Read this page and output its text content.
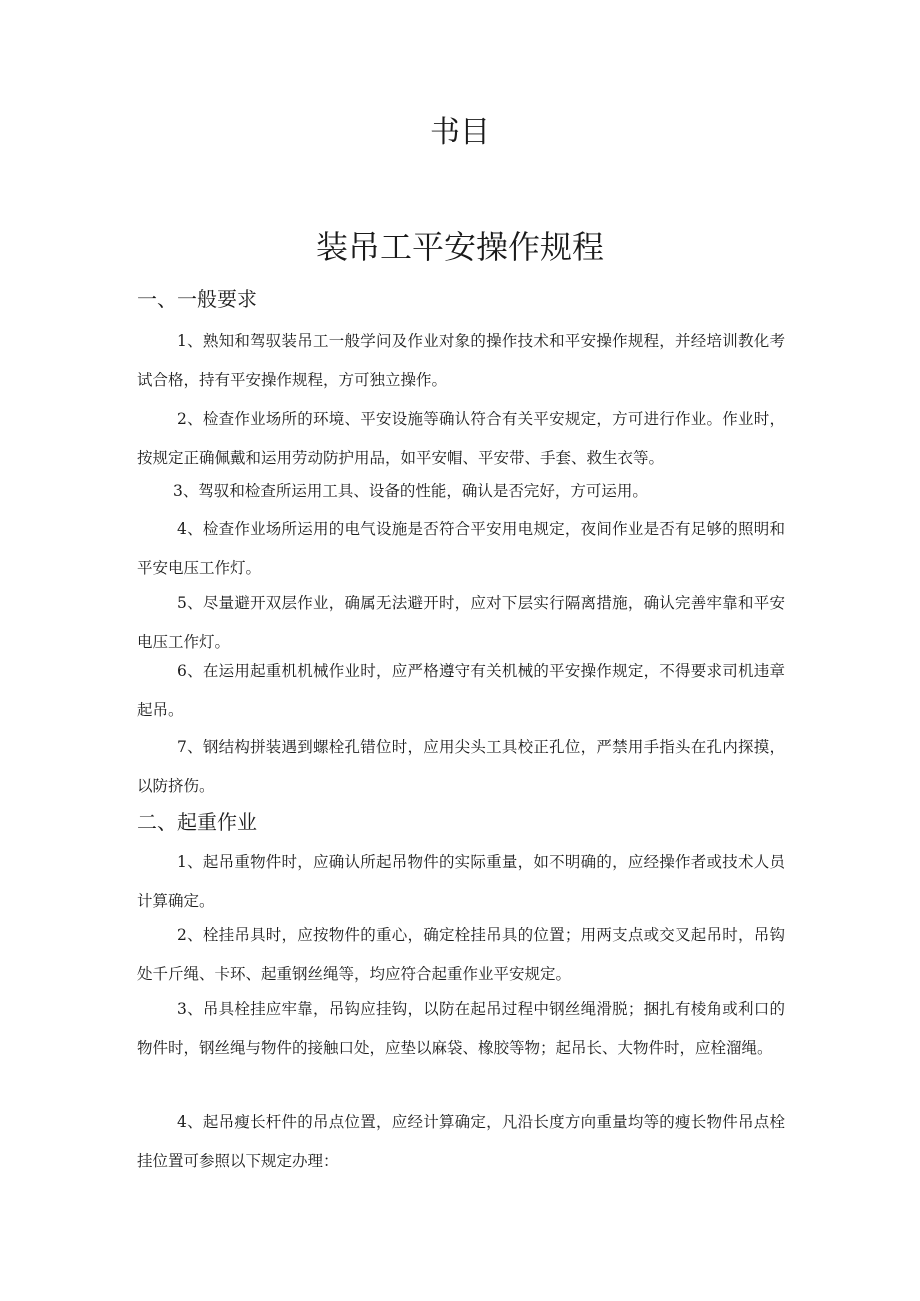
书目
装吊工平安操作规程
一、一般要求
1、熟知和驾驭装吊工一般学问及作业对象的操作技术和平安操作规程，并经培训教化考试合格，持有平安操作规程，方可独立操作。
2、检查作业场所的环境、平安设施等确认符合有关平安规定，方可进行作业。作业时，按规定正确佩戴和运用劳动防护用品，如平安帽、平安带、手套、救生衣等。
3、驾驭和检查所运用工具、设备的性能，确认是否完好，方可运用。
4、检查作业场所运用的电气设施是否符合平安用电规定，夜间作业是否有足够的照明和平安电压工作灯。
5、尽量避开双层作业，确属无法避开时，应对下层实行隔离措施，确认完善牢靠和平安电压工作灯。
6、在运用起重机机械作业时，应严格遵守有关机械的平安操作规定，不得要求司机违章起吊。
7、钢结构拼装遇到螺栓孔错位时，应用尖头工具校正孔位，严禁用手指头在孔内探摸，以防挤伤。
二、起重作业
1、起吊重物件时，应确认所起吊物件的实际重量，如不明确的，应经操作者或技术人员计算确定。
2、栓挂吊具时，应按物件的重心，确定栓挂吊具的位置；用两支点或交叉起吊时，吊钩处千斤绳、卡环、起重钢丝绳等，均应符合起重作业平安规定。
3、吊具栓挂应牢靠，吊钩应挂钩，以防在起吊过程中钢丝绳滑脱；捆扎有棱角或利口的物件时，钢丝绳与物件的接触口处，应垫以麻袋、橡胶等物；起吊长、大物件时，应栓溜绳。
4、起吊瘦长杆件的吊点位置，应经计算确定，凡沿长度方向重量均等的瘦长物件吊点栓挂位置可参照以下规定办理：
